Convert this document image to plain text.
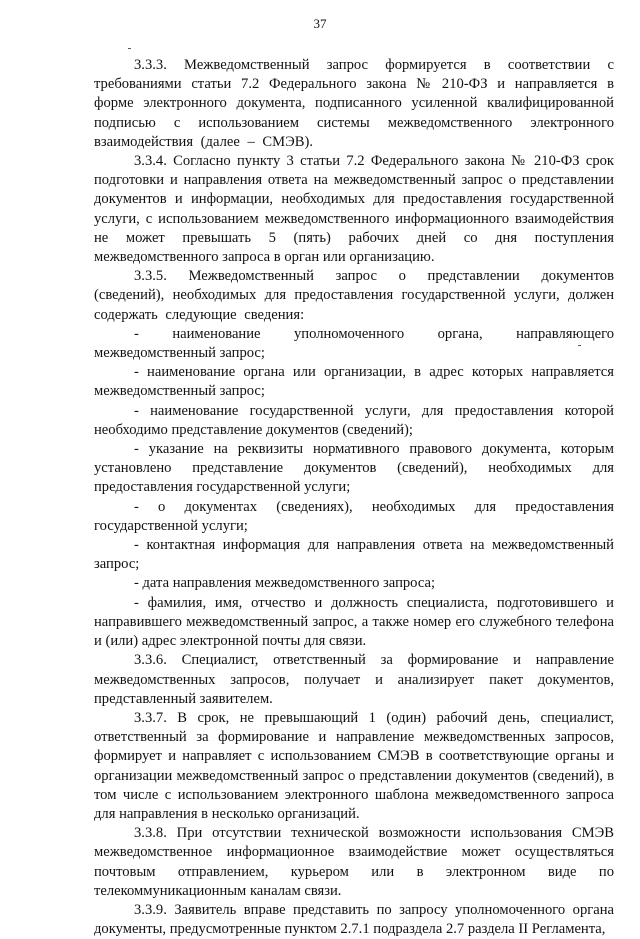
37

3.3.3. Межведомственный запрос формируется в соответствии с требованиями статьи 7.2 Федерального закона № 210-ФЗ и направляется в форме электронного документа, подписанного усиленной квалифицированной подписью с использованием системы межведомственного электронного взаимодействия (далее – СМЭВ).

3.3.4. Согласно пункту 3 статьи 7.2 Федерального закона № 210-ФЗ срок подготовки и направления ответа на межведомственный запрос о представлении документов и информации, необходимых для предоставления государственной услуги, с использованием межведомственного информационного взаимодействия не может превышать 5 (пять) рабочих дней со дня поступления межведомственного запроса в орган или организацию.

3.3.5. Межведомственный запрос о представлении документов (сведений), необходимых для предоставления государственной услуги, должен содержать следующие сведения:

- наименование уполномоченного органа, направляющего межведомственный запрос;

- наименование органа или организации, в адрес которых направляется межведомственный запрос;

- наименование государственной услуги, для предоставления которой необходимо представление документов (сведений);

- указание на реквизиты нормативного правового документа, которым установлено представление документов (сведений), необходимых для предоставления государственной услуги;

- о документах (сведениях), необходимых для предоставления государственной услуги;

- контактная информация для направления ответа на межведомственный запрос;

- дата направления межведомственного запроса;

- фамилия, имя, отчество и должность специалиста, подготовившего и направившего межведомственный запрос, а также номер его служебного телефона и (или) адрес электронной почты для связи.

3.3.6. Специалист, ответственный за формирование и направление межведомственных запросов, получает и анализирует пакет документов, представленный заявителем.

3.3.7. В срок, не превышающий 1 (один) рабочий день, специалист, ответственный за формирование и направление межведомственных запросов, формирует и направляет с использованием СМЭВ в соответствующие органы и организации межведомственный запрос о представлении документов (сведений), в том числе с использованием электронного шаблона межведомственного запроса для направления в несколько организаций.

3.3.8. При отсутствии технической возможности использования СМЭВ межведомственное информационное взаимодействие может осуществляться почтовым отправлением, курьером или в электронном виде по телекоммуникационным каналам связи.

3.3.9. Заявитель вправе представить по запросу уполномоченного органа документы, предусмотренные пунктом 2.7.1 подраздела 2.7 раздела II Регламента,
